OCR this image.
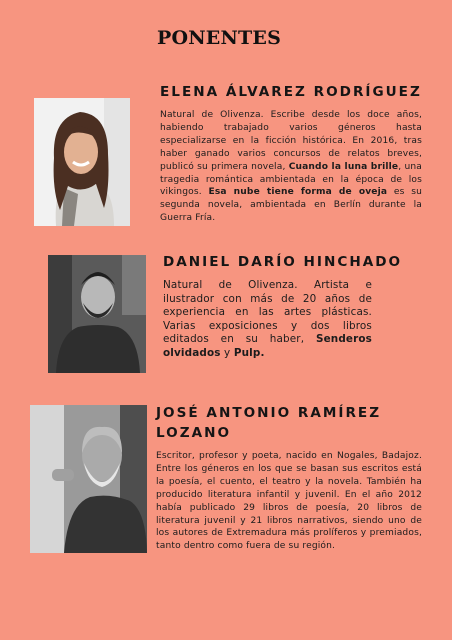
PONENTES
ELENA ÁLVAREZ RODRÍGUEZ

Natural de Olivenza. Escribe desde los doce años, habiendo trabajado varios géneros hasta especializarse en la ficción histórica. En 2016, tras haber ganado varios concursos de relatos breves, publicó su primera novela, Cuando la luna brille, una tragedia romántica ambientada en la época de los vikingos. Esa nube tiene forma de oveja es su segunda novela, ambientada en Berlín durante la Guerra Fría.

DANIEL DARÍO HINCHADO

Natural de Olivenza. Artista e ilustrador con más de 20 años de experiencia en las artes plásticas. Varias exposiciones y dos libros editados en su haber, Senderos olvidados y Pulp.

JOSÉ ANTONIO RAMÍREZ LOZANO

Escritor, profesor y poeta, nacido en Nogales, Badajoz. Entre los géneros en los que se basan sus escritos está la poesía, el cuento, el teatro y la novela. También ha producido literatura infantil y juvenil. En el año 2012 había publicado 29 libros de poesía, 20 libros de literatura juvenil y 21 libros narrativos, siendo uno de los autores de Extremadura más prolíferos y premiados, tanto dentro como fuera de su región.
